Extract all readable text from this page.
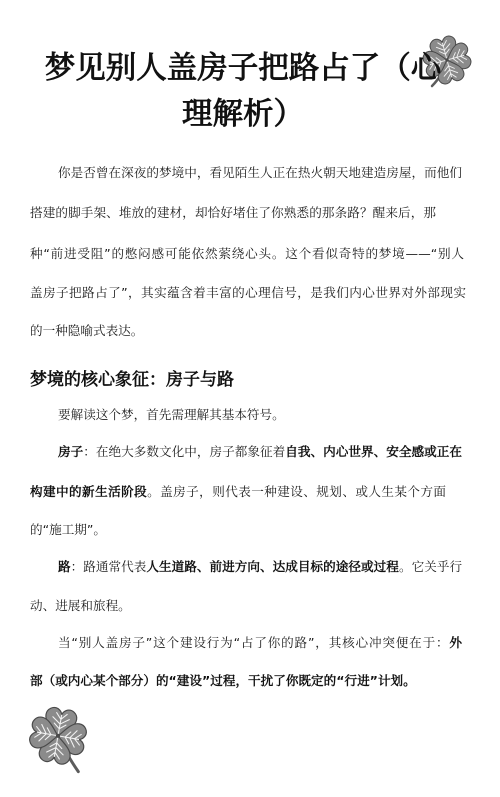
梦见别人盖房子把路占了（心理解析）
你是否曾在深夜的梦境中，看见陌生人正在热火朝天地建造房屋，而他们
搭建的脚手架、堆放的建材，却恰好堵住了你熟悉的那条路？醒来后，那
种“前进受阻”的憋闷感可能依然萦绕心头。这个看似奇特的梦境——“别人
盖房子把路占了”，其实蕴含着丰富的心理信号，是我们内心世界对外部现实
的一种隐喻式表达。
梦境的核心象征：房子与路
要解读这个梦，首先需理解其基本符号。
房子：在绝大多数文化中，房子都象征着自我、内心世界、安全感或正在
构建中的新生活阶段。盖房子，则代表一种建设、规划、或人生某个方面
的“施工期”。
路：路通常代表人生道路、前进方向、达成目标的途径或过程。它关乎行
动、进展和旅程。
当“别人盖房子”这个建设行为“占了你的路”，其核心冲突便在于：外
部（或内心某个部分）的“建设”过程，干扰了你既定的“行进”计划。
